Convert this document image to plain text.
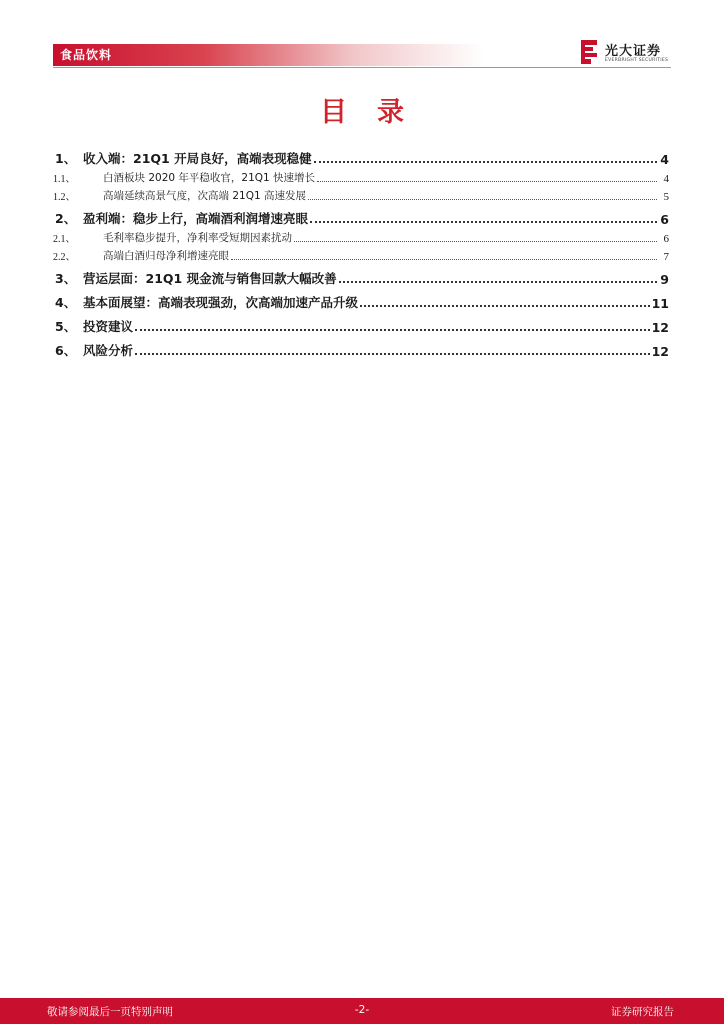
食品饮料	光大证券
EVERBRIGHT SECURITIES
目录
1、 收入端：21Q1 开局良好，高端表现稳健	4
1.1、	白酒板块 2020 年平稳收官，21Q1 快速增长	4
1.2、	高端延续高景气度，次高端 21Q1 高速发展	5
2、 盈利端：稳步上行，高端酒利润增速亮眼	6
2.1、	毛利率稳步提升，净利率受短期因素扰动	6
2.2、	高端白酒归母净利增速亮眼	7
3、 营运层面：21Q1 现金流与销售回款大幅改善	9
4、 基本面展望：高端表现强劲，次高端加速产品升级	11
5、 投资建议	12
6、 风险分析	12
敬请参阅最后一页特别声明	-2-	证券研究报告
